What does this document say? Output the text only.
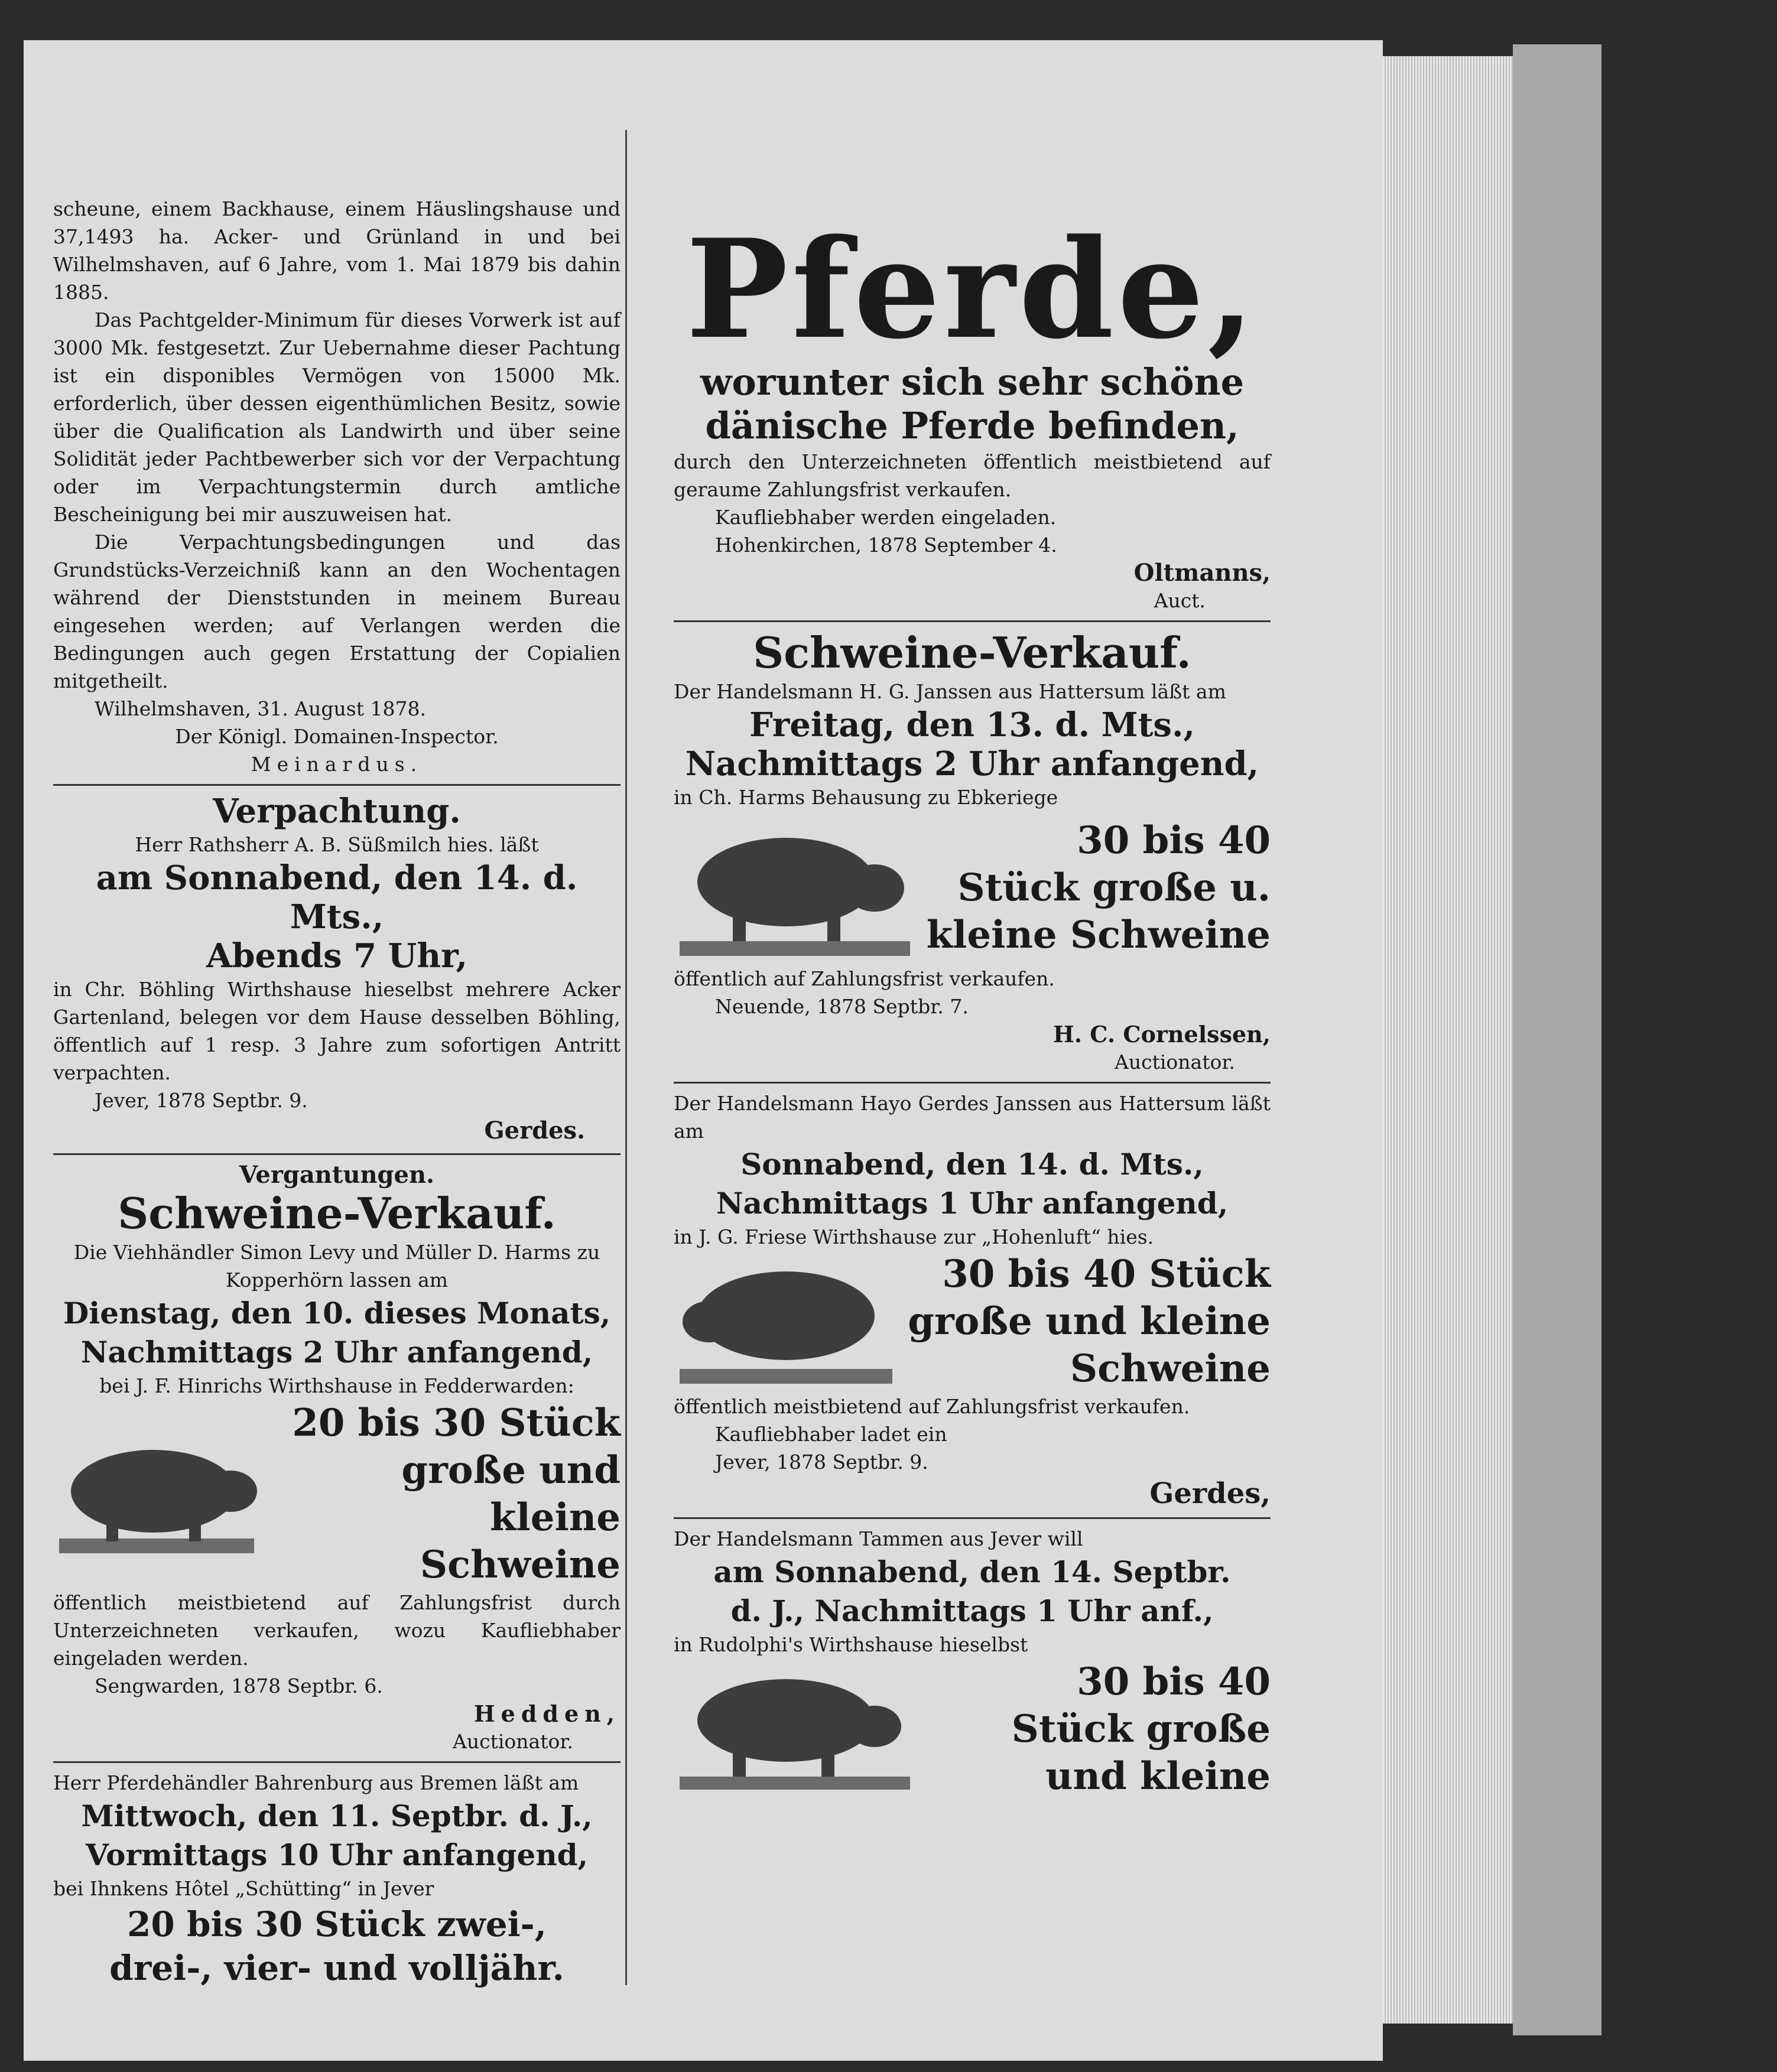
scheune, einem Backhause, einem Häuslingshause und 37,1493 ha. Acker- und Grünland in und bei Wilhelmshaven, auf 6 Jahre, vom 1. Mai 1879 bis dahin 1885.

Das Pachtgelder-Minimum für dieses Vorwerk ist auf 3000 Mk. festgesetzt. Zur Uebernahme dieser Pachtung ist ein disponibles Vermögen von 15000 Mk. erforderlich, über dessen eigenthümlichen Besitz, sowie über die Qualification als Landwirth und über seine Solidität jeder Pachtbewerber sich vor der Verpachtung oder im Verpachtungstermin durch amtliche Bescheinigung bei mir auszuweisen hat.

Die Verpachtungsbedingungen und das Grundstücks-Verzeichniß kann an den Wochentagen während der Dienststunden in meinem Bureau eingesehen werden; auf Verlangen werden die Bedingungen auch gegen Erstattung der Copialien mitgetheilt.

Wilhelmshaven, 31. August 1878.

Der Königl. Domainen-Inspector.

Meinardus.

Verpachtung.

Herr Rathsherr A. B. Süßmilch hies. läßt

am Sonnabend, den 14. d. Mts.,

Abends 7 Uhr,

in Chr. Böhling Wirthshause hieselbst mehrere Acker Gartenland, belegen vor dem Hause desselben Böhling, öffentlich auf 1 resp. 3 Jahre zum sofortigen Antritt verpachten.

Jever, 1878 Septbr. 9.

Gerdes.

Vergantungen.

Schweine-Verkauf.

Die Viehhändler Simon Levy und Müller D. Harms zu Kopperhörn lassen am

Dienstag, den 10. dieses Monats,

Nachmittags 2 Uhr anfangend,

bei J. F. Hinrichs Wirthshause in Fedderwarden:

20 bis 30 Stück

große und kleine

Schweine

öffentlich meistbietend auf Zahlungsfrist durch Unterzeichneten verkaufen, wozu Kaufliebhaber eingeladen werden.

Sengwarden, 1878 Septbr. 6.

Hedden,

Auctionator.

Herr Pferdehändler Bahrenburg aus Bremen läßt am

Mittwoch, den 11. Septbr. d. J.,

Vormittags 10 Uhr anfangend,

bei Ihnkens Hôtel „Schütting“ in Jever

20 bis 30 Stück zwei-,

drei-, vier- und volljähr.

Pferde,

worunter sich sehr schöne

dänische Pferde befinden,

durch den Unterzeichneten öffentlich meistbietend auf geraume Zahlungsfrist verkaufen.

Kaufliebhaber werden eingeladen.

Hohenkirchen, 1878 September 4.

Oltmanns,

Auct.

Schweine-Verkauf.

Der Handelsmann H. G. Janssen aus Hattersum läßt am

Freitag, den 13. d. Mts.,

Nachmittags 2 Uhr anfangend,

in Ch. Harms Behausung zu Ebkeriege

30 bis 40

Stück große u.

kleine Schweine

öffentlich auf Zahlungsfrist verkaufen.

Neuende, 1878 Septbr. 7.

H. C. Cornelssen,

Auctionator.

Der Handelsmann Hayo Gerdes Janssen aus Hattersum läßt am

Sonnabend, den 14. d. Mts.,

Nachmittags 1 Uhr anfangend,

in J. G. Friese Wirthshause zur „Hohenluft“ hies.

30 bis 40 Stück

große und kleine

Schweine

öffentlich meistbietend auf Zahlungsfrist verkaufen.

Kaufliebhaber ladet ein

Jever, 1878 Septbr. 9.

Gerdes,

Der Handelsmann Tammen aus Jever will

am Sonnabend, den 14. Septbr.

d. J., Nachmittags 1 Uhr anf.,

in Rudolphi's Wirthshause hieselbst

30 bis 40

Stück große

und kleine
